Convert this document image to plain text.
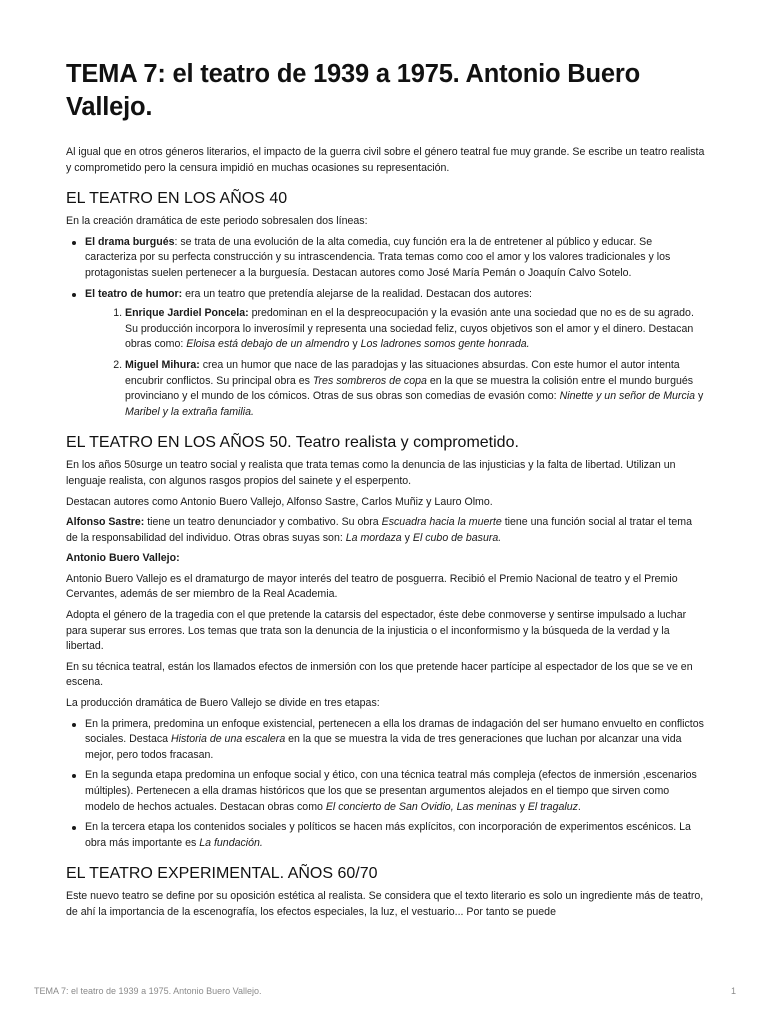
TEMA 7: el teatro de 1939 a 1975. Antonio Buero Vallejo.

Al igual que en otros géneros literarios, el impacto de la guerra civil sobre el género teatral fue muy grande. Se escribe un teatro realista y comprometido pero la censura impidió en muchas ocasiones su representación.

EL TEATRO EN LOS AÑOS 40

En la creación dramática de este periodo sobresalen dos líneas:

El drama burgués: se trata de una evolución de la alta comedia, cuy función era la de entretener al público y educar. Se caracteriza por su perfecta construcción y su intrascendencia. Trata temas como coo el amor y los valores tradicionales y los protagonistas suelen pertenecer a la burguesía. Destacan autores como José María Pemán o Joaquín Calvo Sotelo.
El teatro de humor: era un teatro que pretendía alejarse de la realidad. Destacan dos autores:
1. Enrique Jardiel Poncela: predominan en el la despreocupación y la evasión ante una sociedad que no es de su agrado. Su producción incorpora lo inverosímil y representa una sociedad feliz, cuyos objetivos son el amor y el dinero. Destacan obras como: Eloisa está debajo de un almendro y Los ladrones somos gente honrada.
2. Miguel Mihura: crea un humor que nace de las paradojas y las situaciones absurdas. Con este humor el autor intenta encubrir conflictos. Su principal obra es Tres sombreros de copa en la que se muestra la colisión entre el mundo burgués provinciano y el mundo de los cómicos. Otras de sus obras son comedias de evasión como: Ninette y un señor de Murcia y Maribel y la extraña familia.
EL TEATRO EN LOS AÑOS 50. Teatro realista y comprometido.

En los años 50surge un teatro social y realista que trata temas como la denuncia de las injusticias y la falta de libertad. Utilizan un lenguaje realista, con algunos rasgos propios del sainete y el esperpento.

Destacan autores como Antonio Buero Vallejo, Alfonso Sastre, Carlos Muñiz y Lauro Olmo.

Alfonso Sastre: tiene un teatro denunciador y combativo. Su obra Escuadra hacia la muerte tiene una función social al tratar el tema de la responsabilidad del individuo. Otras obras suyas son: La mordaza y El cubo de basura.

Antonio Buero Vallejo:

Antonio Buero Vallejo es el dramaturgo de mayor interés del teatro de posguerra. Recibió el Premio Nacional de teatro y el Premio Cervantes, además de ser miembro de la Real Academia.

Adopta el género de la tragedia con el que pretende la catarsis del espectador, éste debe conmoverse y sentirse impulsado a luchar para superar sus errores. Los temas que trata son la denuncia de la injusticia o el inconformismo y la búsqueda de la verdad y la libertad.

En su técnica teatral, están los llamados efectos de inmersión con los que pretende hacer partícipe al espectador de los que se ve en escena.

La producción dramática de Buero Vallejo se divide en tres etapas:

En la primera, predomina un enfoque existencial, pertenecen a ella los dramas de indagación del ser humano envuelto en conflictos sociales. Destaca Historia de una escalera en la que se muestra la vida de tres generaciones que luchan por alcanzar una vida mejor, pero todos fracasan.
En la segunda etapa predomina un enfoque social y ético, con una técnica teatral más compleja (efectos de inmersión ,escenarios múltiples). Pertenecen a ella dramas históricos que los que se presentan argumentos alejados en el tiempo que sirven como modelo de hechos actuales. Destacan obras como El concierto de San Ovidio, Las meninas y El tragaluz.
En la tercera etapa los contenidos sociales y políticos se hacen más explícitos, con incorporación de experimentos escénicos. La obra más importante es La fundación.
EL TEATRO EXPERIMENTAL. AÑOS 60/70

Este nuevo teatro se define por su oposición estética al realista. Se considera que el texto literario es solo un ingrediente más de teatro, de ahí la importancia de la escenografía, los efectos especiales, la luz, el vestuario... Por tanto se puede

TEMA 7: el teatro de 1939 a 1975. Antonio Buero Vallejo.	1
